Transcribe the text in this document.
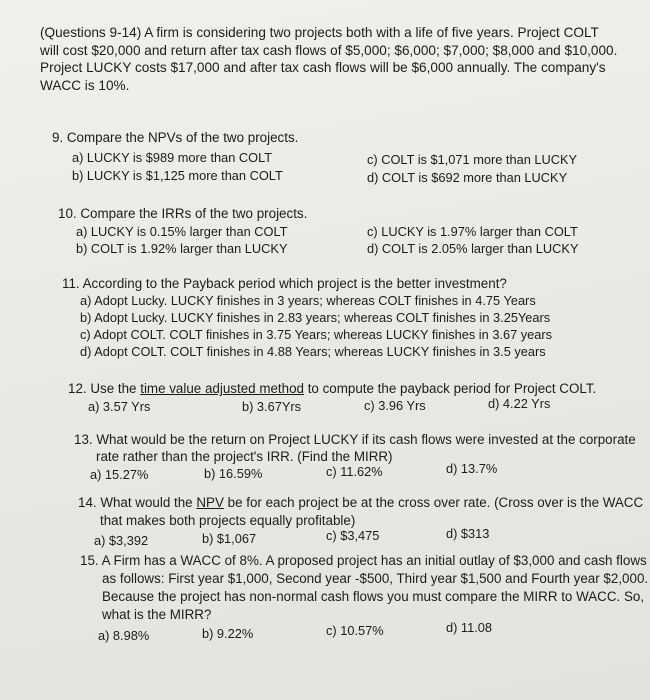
(Questions 9-14) A firm is considering two projects both with a life of five years. Project COLT
will cost $20,000 and return after tax cash flows of $5,000; $6,000; $7,000; $8,000 and $10,000.
Project LUCKY costs $17,000 and after tax cash flows will be $6,000 annually. The company's
WACC is 10%.
9. Compare the NPVs of the two projects.
a) LUCKY is $989 more than COLT
b) LUCKY is $1,125 more than COLT
c) COLT is $1,071 more than LUCKY
d) COLT is $692 more than LUCKY
10. Compare the IRRs of the two projects.
a) LUCKY is 0.15% larger than COLT
b) COLT is 1.92% larger than LUCKY
c) LUCKY is 1.97% larger than COLT
d) COLT is 2.05% larger than LUCKY
11. According to the Payback period which project is the better investment?
a) Adopt Lucky. LUCKY finishes in 3 years; whereas COLT finishes in 4.75 Years
b) Adopt Lucky. LUCKY finishes in 2.83 years; whereas COLT finishes in 3.25Years
c) Adopt COLT. COLT finishes in 3.75 Years; whereas LUCKY finishes in 3.67 years
d) Adopt COLT. COLT finishes in 4.88 Years; whereas LUCKY finishes in 3.5 years
12. Use the time value adjusted method to compute the payback period for Project COLT.
a) 3.57 Yrs	b) 3.67Yrs	c) 3.96 Yrs	d) 4.22 Yrs
13. What would be the return on Project LUCKY if its cash flows were invested at the corporate
rate rather than the project's IRR. (Find the MIRR)
a) 15.27%	b) 16.59%	c) 11.62%	d) 13.7%
14. What would the NPV be for each project be at the cross over rate. (Cross over is the WACC
that makes both projects equally profitable)
a) $3,392	b) $1,067	c) $3,475	d) $313
15. A Firm has a WACC of 8%. A proposed project has an initial outlay of $3,000 and cash flows
as follows: First year $1,000, Second year -$500, Third year $1,500 and Fourth year $2,000.
Because the project has non-normal cash flows you must compare the MIRR to WACC. So,
what is the MIRR?
a) 8.98%	b) 9.22%	c) 10.57%	d) 11.08
